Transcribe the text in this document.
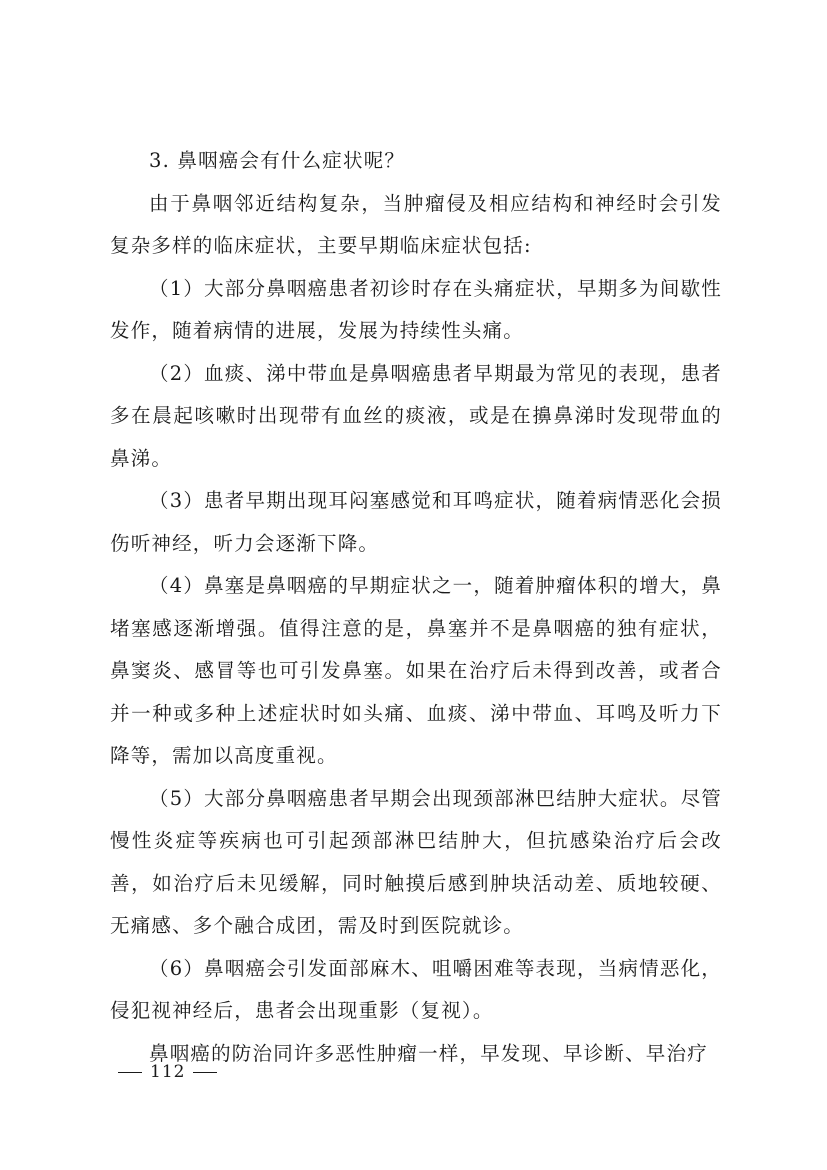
3. 鼻咽癌会有什么症状呢？

由于鼻咽邻近结构复杂，当肿瘤侵及相应结构和神经时会引发复杂多样的临床症状，主要早期临床症状包括:

（1）大部分鼻咽癌患者初诊时存在头痛症状，早期多为间歇性发作，随着病情的进展，发展为持续性头痛。

（2）血痰、涕中带血是鼻咽癌患者早期最为常见的表现，患者多在晨起咳嗽时出现带有血丝的痰液，或是在擤鼻涕时发现带血的鼻涕。

（3）患者早期出现耳闷塞感觉和耳鸣症状，随着病情恶化会损伤听神经，听力会逐渐下降。

（4）鼻塞是鼻咽癌的早期症状之一，随着肿瘤体积的增大，鼻堵塞感逐渐增强。值得注意的是，鼻塞并不是鼻咽癌的独有症状，鼻窦炎、感冒等也可引发鼻塞。如果在治疗后未得到改善，或者合并一种或多种上述症状时如头痛、血痰、涕中带血、耳鸣及听力下降等，需加以高度重视。

（5）大部分鼻咽癌患者早期会出现颈部淋巴结肿大症状。尽管慢性炎症等疾病也可引起颈部淋巴结肿大，但抗感染治疗后会改善，如治疗后未见缓解，同时触摸后感到肿块活动差、质地较硬、无痛感、多个融合成团，需及时到医院就诊。

（6）鼻咽癌会引发面部麻木、咀嚼困难等表现，当病情恶化，侵犯视神经后，患者会出现重影（复视）。

鼻咽癌的防治同许多恶性肿瘤一样，早发现、早诊断、早治疗

112
